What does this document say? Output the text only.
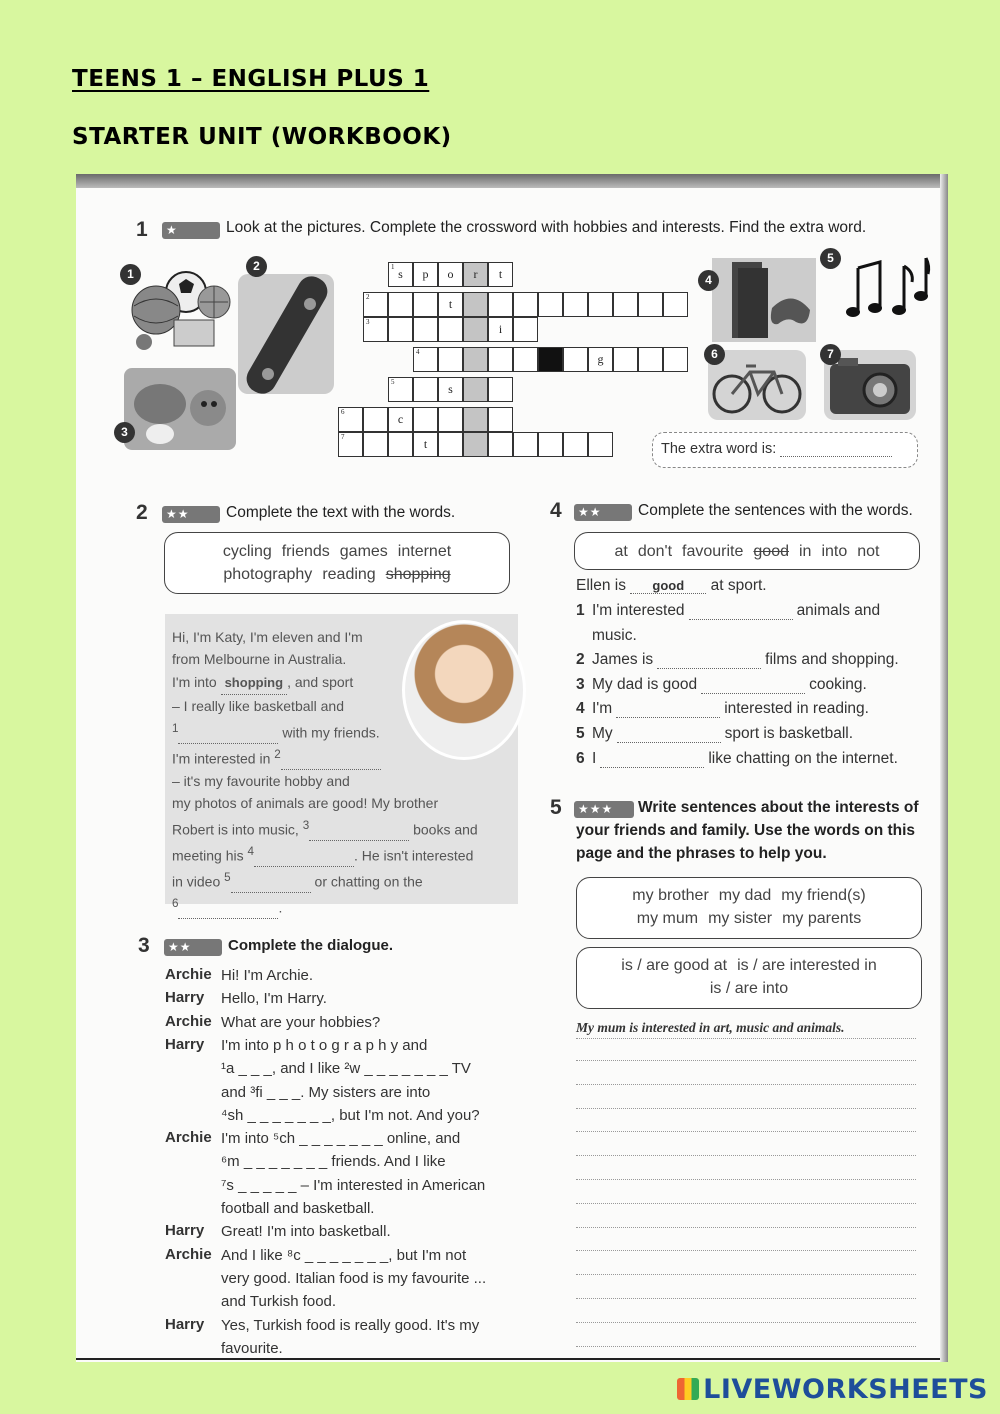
TEENS 1 – ENGLISH PLUS 1
STARTER UNIT (WORKBOOK)
1	★	Look at the pictures. Complete the crossword with hobbies and interests. Find the extra word.
1
2
3
1 s	p	o	r	t
2	t
3	i
4	g
5	s
6	c
7	t
4
5
6	7
The extra word is:
2	★★	Complete the text with the words.
cycling friends games internet
photography reading shopping
Hi, I'm Katy, I'm eleven and I'm
from Melbourne in Australia.
I'm into shopping , and sport
– I really like basketball and
$^1$	with my friends.
I'm interested in $^2$
– it's my favourite hobby and
my photos of animals are good! My brother
Robert is into music, $^3$	books and
meeting his $^4$	. He isn't interested
in video $^5$	or chatting on the
$^6$	.
3	★★	Complete the dialogue.
Archie Hi! I'm Archie.
Harry	Hello, I'm Harry.
Archie What are your hobbies?
Harry	I'm into p h o t o g r a p h y and
¹a _ _ _, and I like ²w _ _ _ _ _ _ _ TV
and ³fi _ _ _. My sisters are into
⁴sh _ _ _ _ _ _ _, but I'm not. And you?
Archie I'm into ⁵ch _ _ _ _ _ _ _ online, and
⁶m _ _ _ _ _ _ _ friends. And I like
⁷s _ _ _ _ _ – I'm interested in American
football and basketball.
Harry	Great! I'm into basketball.
Archie And I like ⁸c _ _ _ _ _ _ _, but I'm not
very good. Italian food is my favourite ...
and Turkish food.
Harry	Yes, Turkish food is really good. It's my
favourite.
4	★★	Complete the sentences with the words.
at don't favourite good in into not
Ellen is good at sport.
1 I'm interested	animals and
music.
2 James is	films and shopping.
3 My dad is good	cooking.
4 I'm	interested in reading.
5 My	sport is basketball.
6 I	like chatting on the internet.
5	★★★	Write sentences about the interests of
your friends and family. Use the words on this
page and the phrases to help you.
my brother my dad my friend(s)
my mum my sister my parents
is / are good at is / are interested in
is / are into
My mum is interested in art, music and animals.
LIVEWORKSHEETS
